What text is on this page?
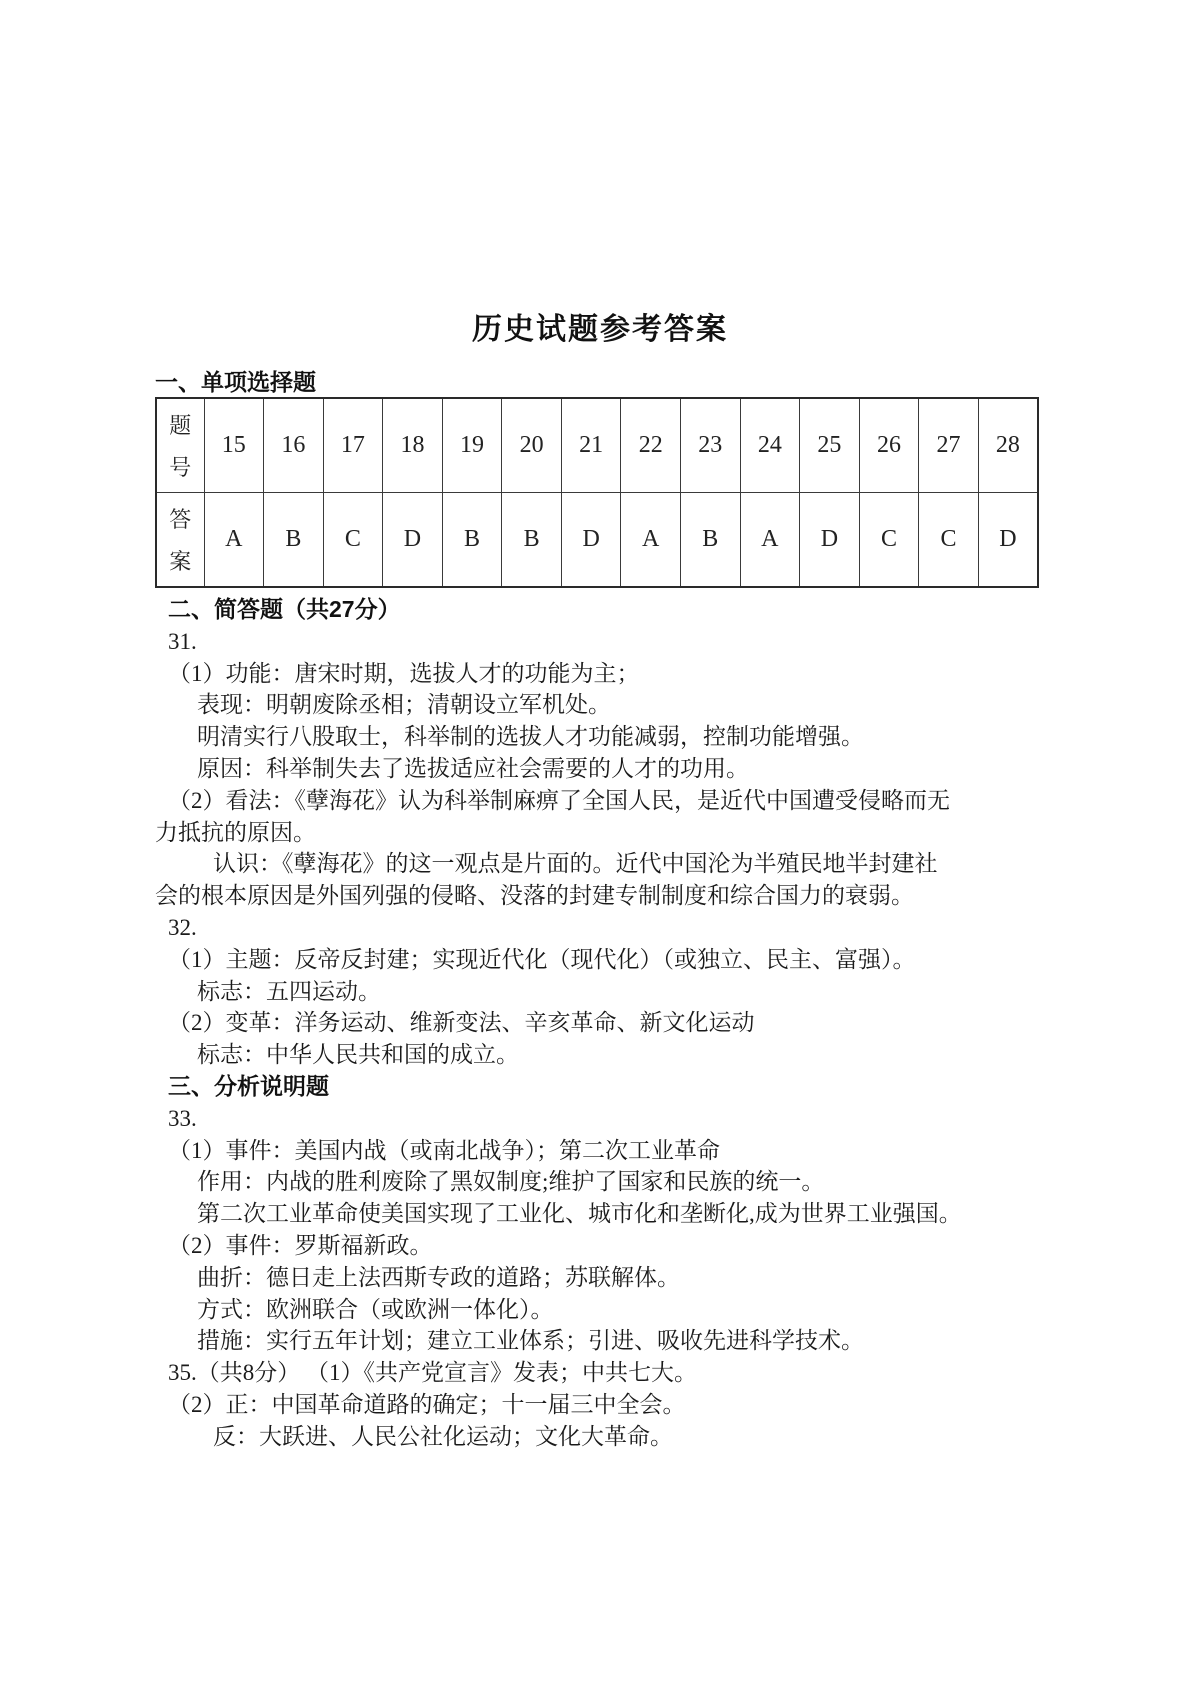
历史试题参考答案
一、单项选择题
题
号	15	16	17	18	19	20	21	22	23	24	25	26	27	28

答
案	A	B	C	D	B	B	D	A	B	A	D	C	C	D
二、简答题（共27分）
31.
（1）功能：唐宋时期，选拔人才的功能为主；
表现：明朝废除丞相；清朝设立军机处。
明清实行八股取士，科举制的选拔人才功能减弱，控制功能增强。
原因：科举制失去了选拔适应社会需要的人才的功用。
（2）看法：《孽海花》认为科举制麻痹了全国人民，是近代中国遭受侵略而无
力抵抗的原因。
认识：《孽海花》的这一观点是片面的。近代中国沦为半殖民地半封建社
会的根本原因是外国列强的侵略、没落的封建专制制度和综合国力的衰弱。
32.
（1）主题：反帝反封建；实现近代化（现代化）（或独立、民主、富强）。
标志：五四运动。
（2）变革：洋务运动、维新变法、辛亥革命、新文化运动
标志：中华人民共和国的成立。
三、分析说明题
33.
（1）事件：美国内战（或南北战争）；第二次工业革命
作用：内战的胜利废除了黑奴制度;维护了国家和民族的统一。
第二次工业革命使美国实现了工业化、城市化和垄断化,成为世界工业强国。
（2）事件：罗斯福新政。
曲折：德日走上法西斯专政的道路；苏联解体。
方式：欧洲联合（或欧洲一体化）。
措施：实行五年计划；建立工业体系；引进、吸收先进科学技术。
35.（共8分） （1）《共产党宣言》发表；中共七大。
（2）正：中国革命道路的确定；十一届三中全会。
反：大跃进、人民公社化运动；文化大革命。
